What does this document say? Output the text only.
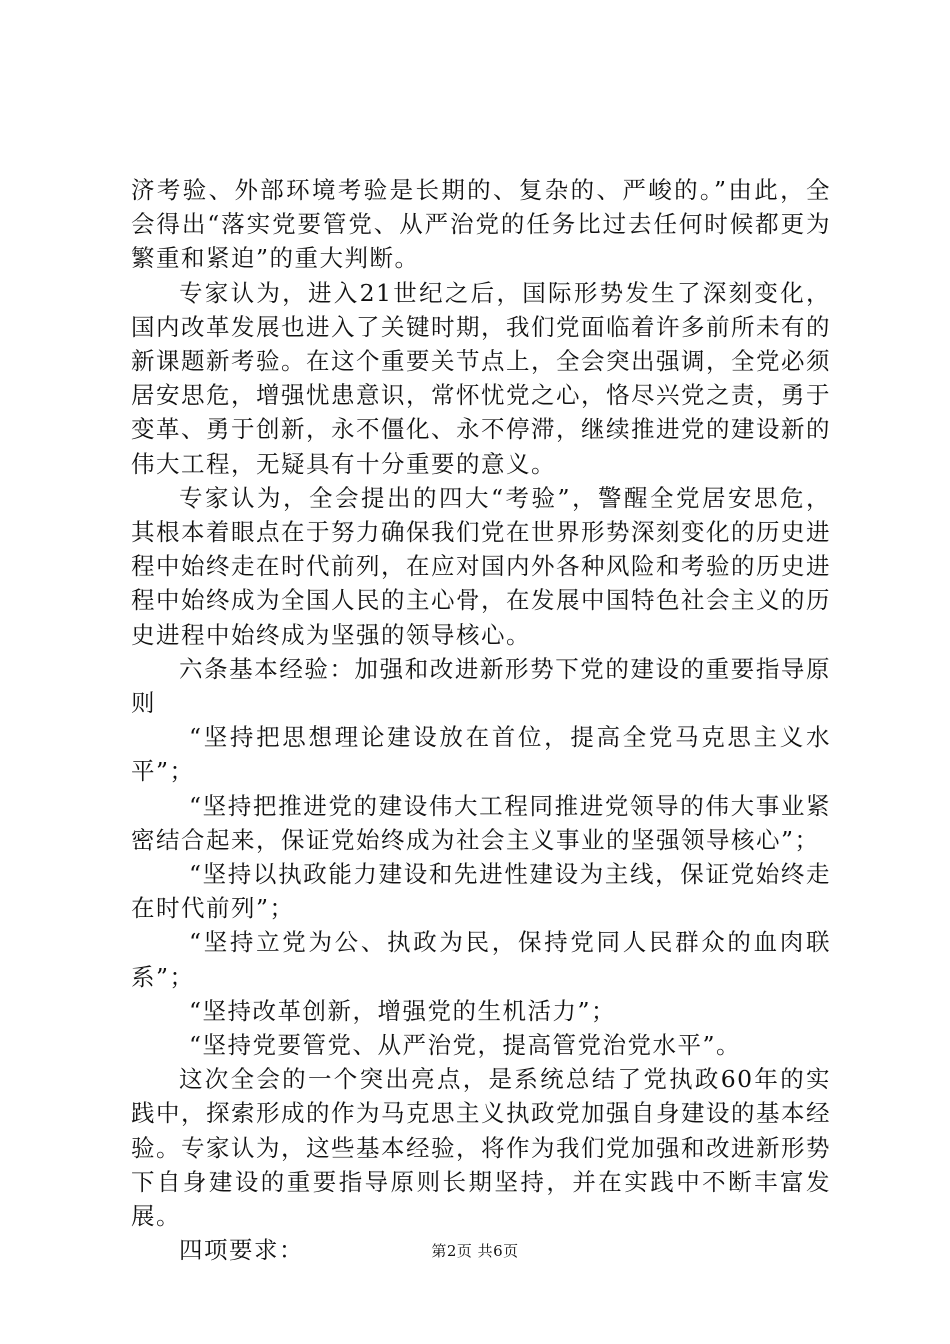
济考验、外部环境考验是长期的、复杂的、严峻的。”由此，全会得出“落实党要管党、从严治党的任务比过去任何时候都更为繁重和紧迫”的重大判断。

专家认为，进入21世纪之后，国际形势发生了深刻变化，国内改革发展也进入了关键时期，我们党面临着许多前所未有的新课题新考验。在这个重要关节点上，全会突出强调，全党必须居安思危，增强忧患意识，常怀忧党之心，恪尽兴党之责，勇于变革、勇于创新，永不僵化、永不停滞，继续推进党的建设新的伟大工程，无疑具有十分重要的意义。

专家认为，全会提出的四大“考验”，警醒全党居安思危，其根本着眼点在于努力确保我们党在世界形势深刻变化的历史进程中始终走在时代前列，在应对国内外各种风险和考验的历史进程中始终成为全国人民的主心骨，在发展中国特色社会主义的历史进程中始终成为坚强的领导核心。

六条基本经验：加强和改进新形势下党的建设的重要指导原则

“坚持把思想理论建设放在首位，提高全党马克思主义水平”；

“坚持把推进党的建设伟大工程同推进党领导的伟大事业紧密结合起来，保证党始终成为社会主义事业的坚强领导核心”；

“坚持以执政能力建设和先进性建设为主线，保证党始终走在时代前列”；

“坚持立党为公、执政为民，保持党同人民群众的血肉联系”；

“坚持改革创新，增强党的生机活力”；

“坚持党要管党、从严治党，提高管党治党水平”。

这次全会的一个突出亮点，是系统总结了党执政60年的实践中，探索形成的作为马克思主义执政党加强自身建设的基本经验。专家认为，这些基本经验，将作为我们党加强和改进新形势下自身建设的重要指导原则长期坚持，并在实践中不断丰富发展。

四项要求：	第2页 共6页
